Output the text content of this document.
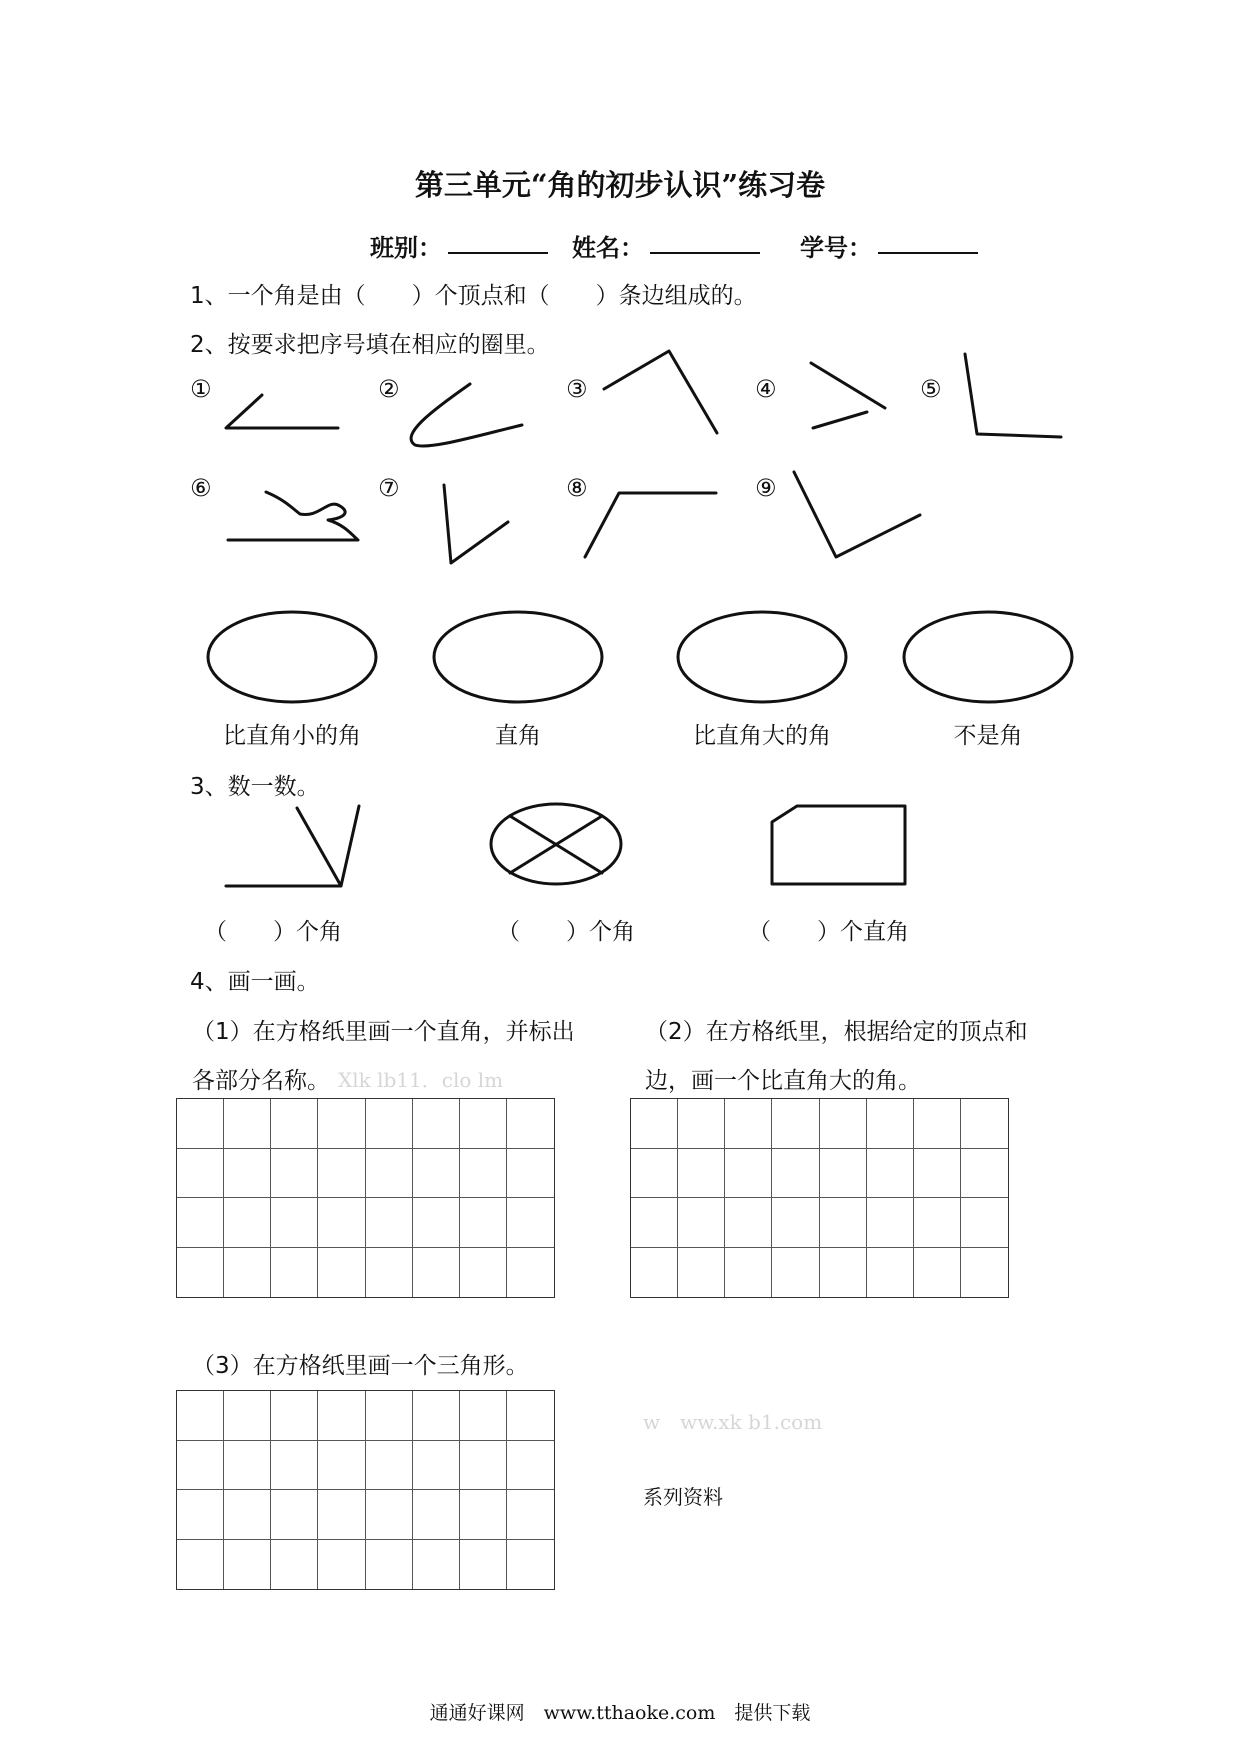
第三单元“角的初步认识”练习卷
班别：	姓名：	学号：
1、一个角是由（　　）个顶点和（　　）条边组成的。
2、按要求把序号填在相应的圈里。
①	②	③	④	⑤
⑥	⑦	⑧	⑨
比直角小的角	直角	比直角大的角	不是角
3、数一数。
（　　）个角	（　　）个角	（　　）个直角
4、画一画。
（1）在方格纸里画一个直角，并标出
各部分名称。 Xlk lb11．clo lm
（2）在方格纸里，根据给定的顶点和
边，画一个比直角大的角。
（3）在方格纸里画一个三角形。
w　ww.xk b1.com
系列资料
通通好课网　www.tthaoke.com　提供下载
